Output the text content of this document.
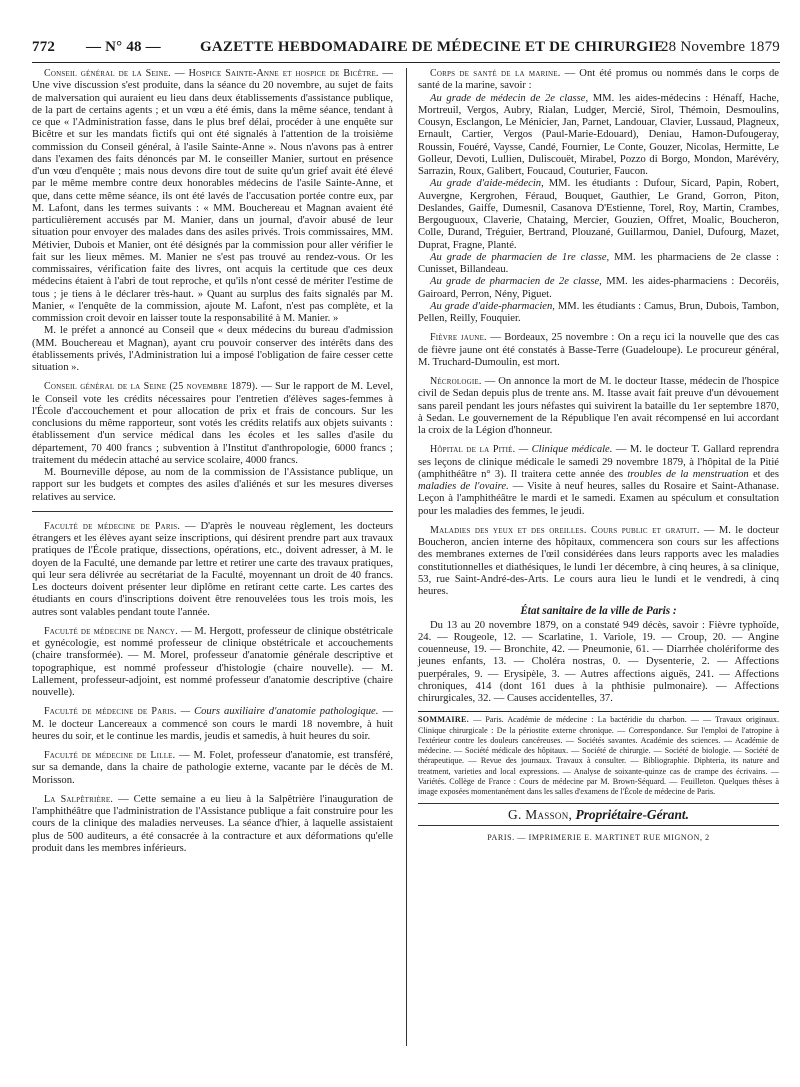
772 — N° 48 —	GAZETTE HEBDOMADAIRE DE MÉDECINE ET DE CHIRURGIE
28 Novembre 1879

Conseil général de la Seine. — Hospice Sainte-Anne et hospice de Bicêtre. — Une vive discussion s'est produite, dans la séance du 20 novembre, au sujet de faits de malversation qui auraient eu lieu dans deux établissements d'assistance publique, de la part de certains agents ; et un vœu a été émis, dans la même séance, tendant à ce que « l'Administration fasse, dans le plus bref délai, procéder à une enquête sur Bicêtre et sur les mandats fictifs qui ont été signalés à l'attention de la troisième commission du Conseil général, à l'asile Sainte-Anne ». Nous n'avons pas à entrer dans l'examen des faits dénoncés par M. le conseiller Manier, surtout en présence d'un vœu d'enquête ; mais nous devons dire tout de suite qu'un grief avait été élevé par le même membre contre deux honorables médecins de l'asile Sainte-Anne, et que, dans cette même séance, ils ont été lavés de l'accusation portée contre eux, par M. Lafont, dans les termes suivants : « MM. Bouchereau et Magnan avaient été particulièrement accusés par M. Manier, dans un journal, d'avoir abusé de leur situation pour envoyer des malades dans des asiles privés. Trois commissaires, MM. Métivier, Dubois et Manier, ont été désignés par la commission pour aller vérifier le fait sur les lieux mêmes. M. Manier ne s'est pas trouvé au rendez-vous. Or les commissaires, vérification faite des livres, ont acquis la certitude que ces deux médecins étaient à l'abri de tout reproche, et qu'ils n'ont cessé de mériter l'estime de tous ; je tiens à le déclarer très-haut. » Quant au surplus des faits signalés par M. Manier, « l'enquête de la commission, ajoute M. Lafont, n'est pas complète, et la commission croit devoir en laisser toute la responsabilité à M. Manier. »

M. le préfet a annoncé au Conseil que « deux médecins du bureau d'admission (MM. Bouchereau et Magnan), ayant cru pouvoir conserver des intérêts dans des établissements privés, l'Administration lui a imposé l'obligation de faire cesser cette situation ».

Conseil général de la Seine (25 novembre 1879). — Sur le rapport de M. Level, le Conseil vote les crédits nécessaires pour l'entretien d'élèves sages-femmes à l'École d'accouchement et pour allocation de prix et frais de concours. Sur les conclusions du même rapporteur, sont votés les crédits relatifs aux objets suivants : établissement d'un service médical dans les écoles et les salles d'asile du département, 70 400 francs ; subvention à l'Institut d'anthropologie, 6000 francs ; traitement du médecin attaché au service scolaire, 4000 francs.

M. Bourneville dépose, au nom de la commission de l'Assistance publique, un rapport sur les budgets et comptes des asiles d'aliénés et sur les mesures diverses relatives au service.

Faculté de médecine de Paris. — D'après le nouveau règlement, les docteurs étrangers et les élèves ayant seize inscriptions, qui désirent prendre part aux travaux pratiques de l'École pratique, dissections, opérations, etc., doivent adresser, à M. le doyen de la Faculté, une demande par lettre et retirer une carte des travaux pratiques, qui leur sera délivrée au secrétariat de la Faculté, moyennant un droit de 40 francs. Les docteurs doivent présenter leur diplôme en retirant cette carte. Les cartes des étudiants en cours d'inscriptions doivent être renouvelées tous les trois mois, les autres sont valables pendant toute l'année.

Faculté de médecine de Nancy. — M. Hergott, professeur de clinique obstétricale et gynécologie, est nommé professeur de clinique obstétricale et accouchements (chaire transformée). — M. Morel, professeur d'anatomie générale descriptive et topographique, est nommé professeur d'histologie (chaire nouvelle). — M. Lallement, professeur-adjoint, est nommé professeur d'anatomie descriptive (chaire nouvelle).

Faculté de médecine de Paris. — Cours auxiliaire d'anatomie pathologique. — M. le docteur Lancereaux a commencé son cours le mardi 18 novembre, à huit heures du soir, et le continue les mardis, jeudis et samedis, à huit heures du soir.

Faculté de médecine de Lille. — M. Folet, professeur d'anatomie, est transféré, sur sa demande, dans la chaire de pathologie externe, vacante par le décès de M. Morisson.

La Salpêtrière. — Cette semaine a eu lieu à la Salpêtrière l'inauguration de l'amphithéâtre que l'administration de l'Assistance publique a fait construire pour les cours de la clinique des maladies nerveuses. La séance d'hier, à laquelle assistaient plus de 500 auditeurs, a été consacrée à la contracture et aux déformations qu'elle produit dans les membres inférieurs.

Corps de santé de la marine. — Ont été promus ou nommés dans le corps de santé de la marine, savoir :

Au grade de médecin de 2e classe, MM. les aides-médecins : Hénaff, Hache, Mortreuil, Vergos, Aubry, Rialan, Ludger, Mercié, Sirol, Thémoin, Desmoulins, Cousyn, Esclangon, Le Ménicier, Jan, Parnet, Landouar, Clavier, Lussaud, Plagneux, Ernault, Cartier, Vergos (Paul-Marie-Edouard), Deniau, Hamon-Dufougeray, Roussin, Fouéré, Vaysse, Candé, Fournier, Le Conte, Gouzer, Nicolas, Hermitte, Le Golleur, Devoti, Lullien, Duliscouët, Mirabel, Pozzo di Borgo, Mondon, Marévéry, Sarrazin, Roux, Galibert, Foucaud, Couturier, Faucon.

Au grade d'aide-médecin, MM. les étudiants : Dufour, Sicard, Papin, Robert, Auvergne, Kergrohen, Féraud, Bouquet, Gauthier, Le Grand, Gorron, Piton, Deslandes, Gaiffe, Dumesnil, Casanova D'Estienne, Torel, Roy, Martin, Crambes, Bergouguoux, Claverie, Chataing, Mercier, Gouzien, Offret, Moalic, Boucheron, Colle, Durand, Tréguier, Bertrand, Plouzané, Guillarmou, Daniel, Dufourg, Mazet, Duprat, Fragne, Planté.

Au grade de pharmacien de 1re classe, MM. les pharmaciens de 2e classe : Cunisset, Billandeau.

Au grade de pharmacien de 2e classe, MM. les aides-pharmaciens : Decoréis, Gairoard, Perron, Nény, Piguet.

Au grade d'aide-pharmacien, MM. les étudiants : Camus, Brun, Dubois, Tambon, Pellen, Reilly, Fouquier.

Fièvre jaune. — Bordeaux, 25 novembre : On a reçu ici la nouvelle que des cas de fièvre jaune ont été constatés à Basse-Terre (Guadeloupe). Le procureur général, M. Truchard-Dumoulin, est mort.

Nécrologie. — On annonce la mort de M. le docteur Itasse, médecin de l'hospice civil de Sedan depuis plus de trente ans. M. Itasse avait fait preuve d'un dévouement sans pareil pendant les jours néfastes qui suivirent la bataille du 1er septembre 1870, à Sedan. Le gouvernement de la République l'en avait récompensé en lui accordant la croix de la Légion d'honneur.

Hôpital de la Pitié. — Clinique médicale. — M. le docteur T. Gallard reprendra ses leçons de clinique médicale le samedi 29 novembre 1879, à l'hôpital de la Pitié (amphithéâtre n° 3). Il traitera cette année des troubles de la menstruation et des maladies de l'ovaire. — Visite à neuf heures, salles du Rosaire et Saint-Athanase. Leçon à l'amphithéâtre le mardi et le samedi. Examen au spéculum et consultation pour les maladies des femmes, le jeudi.

Maladies des yeux et des oreilles. Cours public et gratuit. — M. le docteur Boucheron, ancien interne des hôpitaux, commencera son cours sur les affections des membranes externes de l'œil considérées dans leurs rapports avec les maladies constitutionnelles et diathésiques, le lundi 1er décembre, à cinq heures, à sa clinique, 53, rue Saint-André-des-Arts. Le cours aura lieu le lundi et le vendredi, à cinq heures.

État sanitaire de la ville de Paris :

Du 13 au 20 novembre 1879, on a constaté 949 décès, savoir : Fièvre typhoïde, 24. — Rougeole, 12. — Scarlatine, 1. Variole, 19. — Croup, 20. — Angine couenneuse, 19. — Bronchite, 42. — Pneumonie, 61. — Diarrhée cholériforme des jeunes enfants, 13. — Choléra nostras, 0. — Dysenterie, 2. — Affections puerpérales, 9. — Erysipèle, 3. — Autres affections aiguës, 241. — Affections chroniques, 414 (dont 161 dues à la phthisie pulmonaire). — Affections chirurgicales, 32. — Causes accidentelles, 37.

SOMMAIRE. — Paris. Académie de médecine : La bactéridie du charbon. — — Travaux originaux. Clinique chirurgicale : De la périostite externe chronique. — Correspondance. Sur l'emploi de l'atropine à l'extérieur contre les douleurs cancéreuses. — Sociétés savantes. Académie des sciences. — Académie de médecine. — Société médicale des hôpitaux. — Société de chirurgie. — Société de biologie. — Société de thérapeutique. — Revue des journaux. Travaux à consulter. — Bibliographie. Diphteria, its nature and treatment, varieties and local expressions. — Analyse de soixante-quinze cas de crampe des écrivains. — Variétés. Collège de France : Cours de médecine par M. Brown-Séquard. — Feuilleton. Quelques thèses à image exposées momentanément dans les salles d'examens de l'École de médecine de Paris.
G. Masson, Propriétaire-Gérant.
PARIS. — IMPRIMERIE E. MARTINET RUE MIGNON, 2
